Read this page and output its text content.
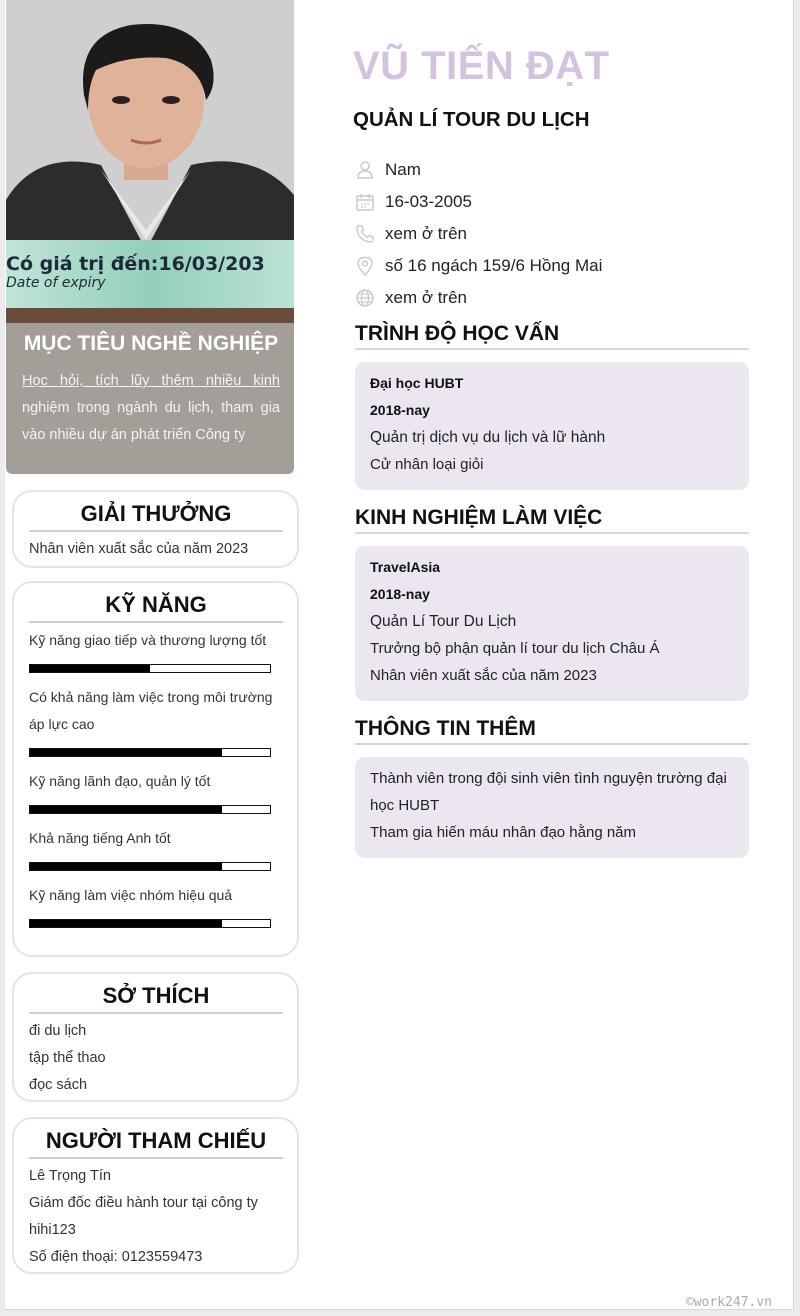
Có giá trị đến:16/03/203
Date of expiry
MỤC TIÊU NGHỀ NGHIỆP

Học hỏi, tích lũy thêm nhiều kinh nghiệm trong ngành du lịch, tham gia vào nhiều dự án phát triển Công ty

GIẢI THƯỞNG
Nhân viên xuất sắc của năm 2023
KỸ NĂNG
Kỹ năng giao tiếp và thương lượng tốt
Có khả năng làm việc trong môi trường áp lực cao
Kỹ năng lãnh đạo, quản lý tốt
Khả năng tiếng Anh tốt
Kỹ năng làm việc nhóm hiệu quả
SỞ THÍCH
đi du lịch
tập thể thao
đọc sách
NGƯỜI THAM CHIẾU
Lê Trọng Tín
Giám đốc điều hành tour tại công ty hihi123
Số điện thoại: 0123559473
VŨ TIẾN ĐẠT
QUẢN LÍ TOUR DU LỊCH
Nam
16-03-2005
xem ở trên
số 16 ngách 159/6 Hồng Mai
xem ở trên
TRÌNH ĐỘ HỌC VẤN
Đại học HUBT
2018-nay
Quản trị dịch vụ du lịch và lữ hành
Cử nhân loại giỏi
KINH NGHIỆM LÀM VIỆC
TravelAsia
2018-nay
Quản Lí Tour Du Lịch
Trưởng bộ phận quản lí tour du lịch Châu Á
Nhân viên xuất sắc của năm 2023
THÔNG TIN THÊM
Thành viên trong đội sinh viên tình nguyện trường đại học HUBT
Tham gia hiến máu nhân đạo hằng năm
©work247.vn
